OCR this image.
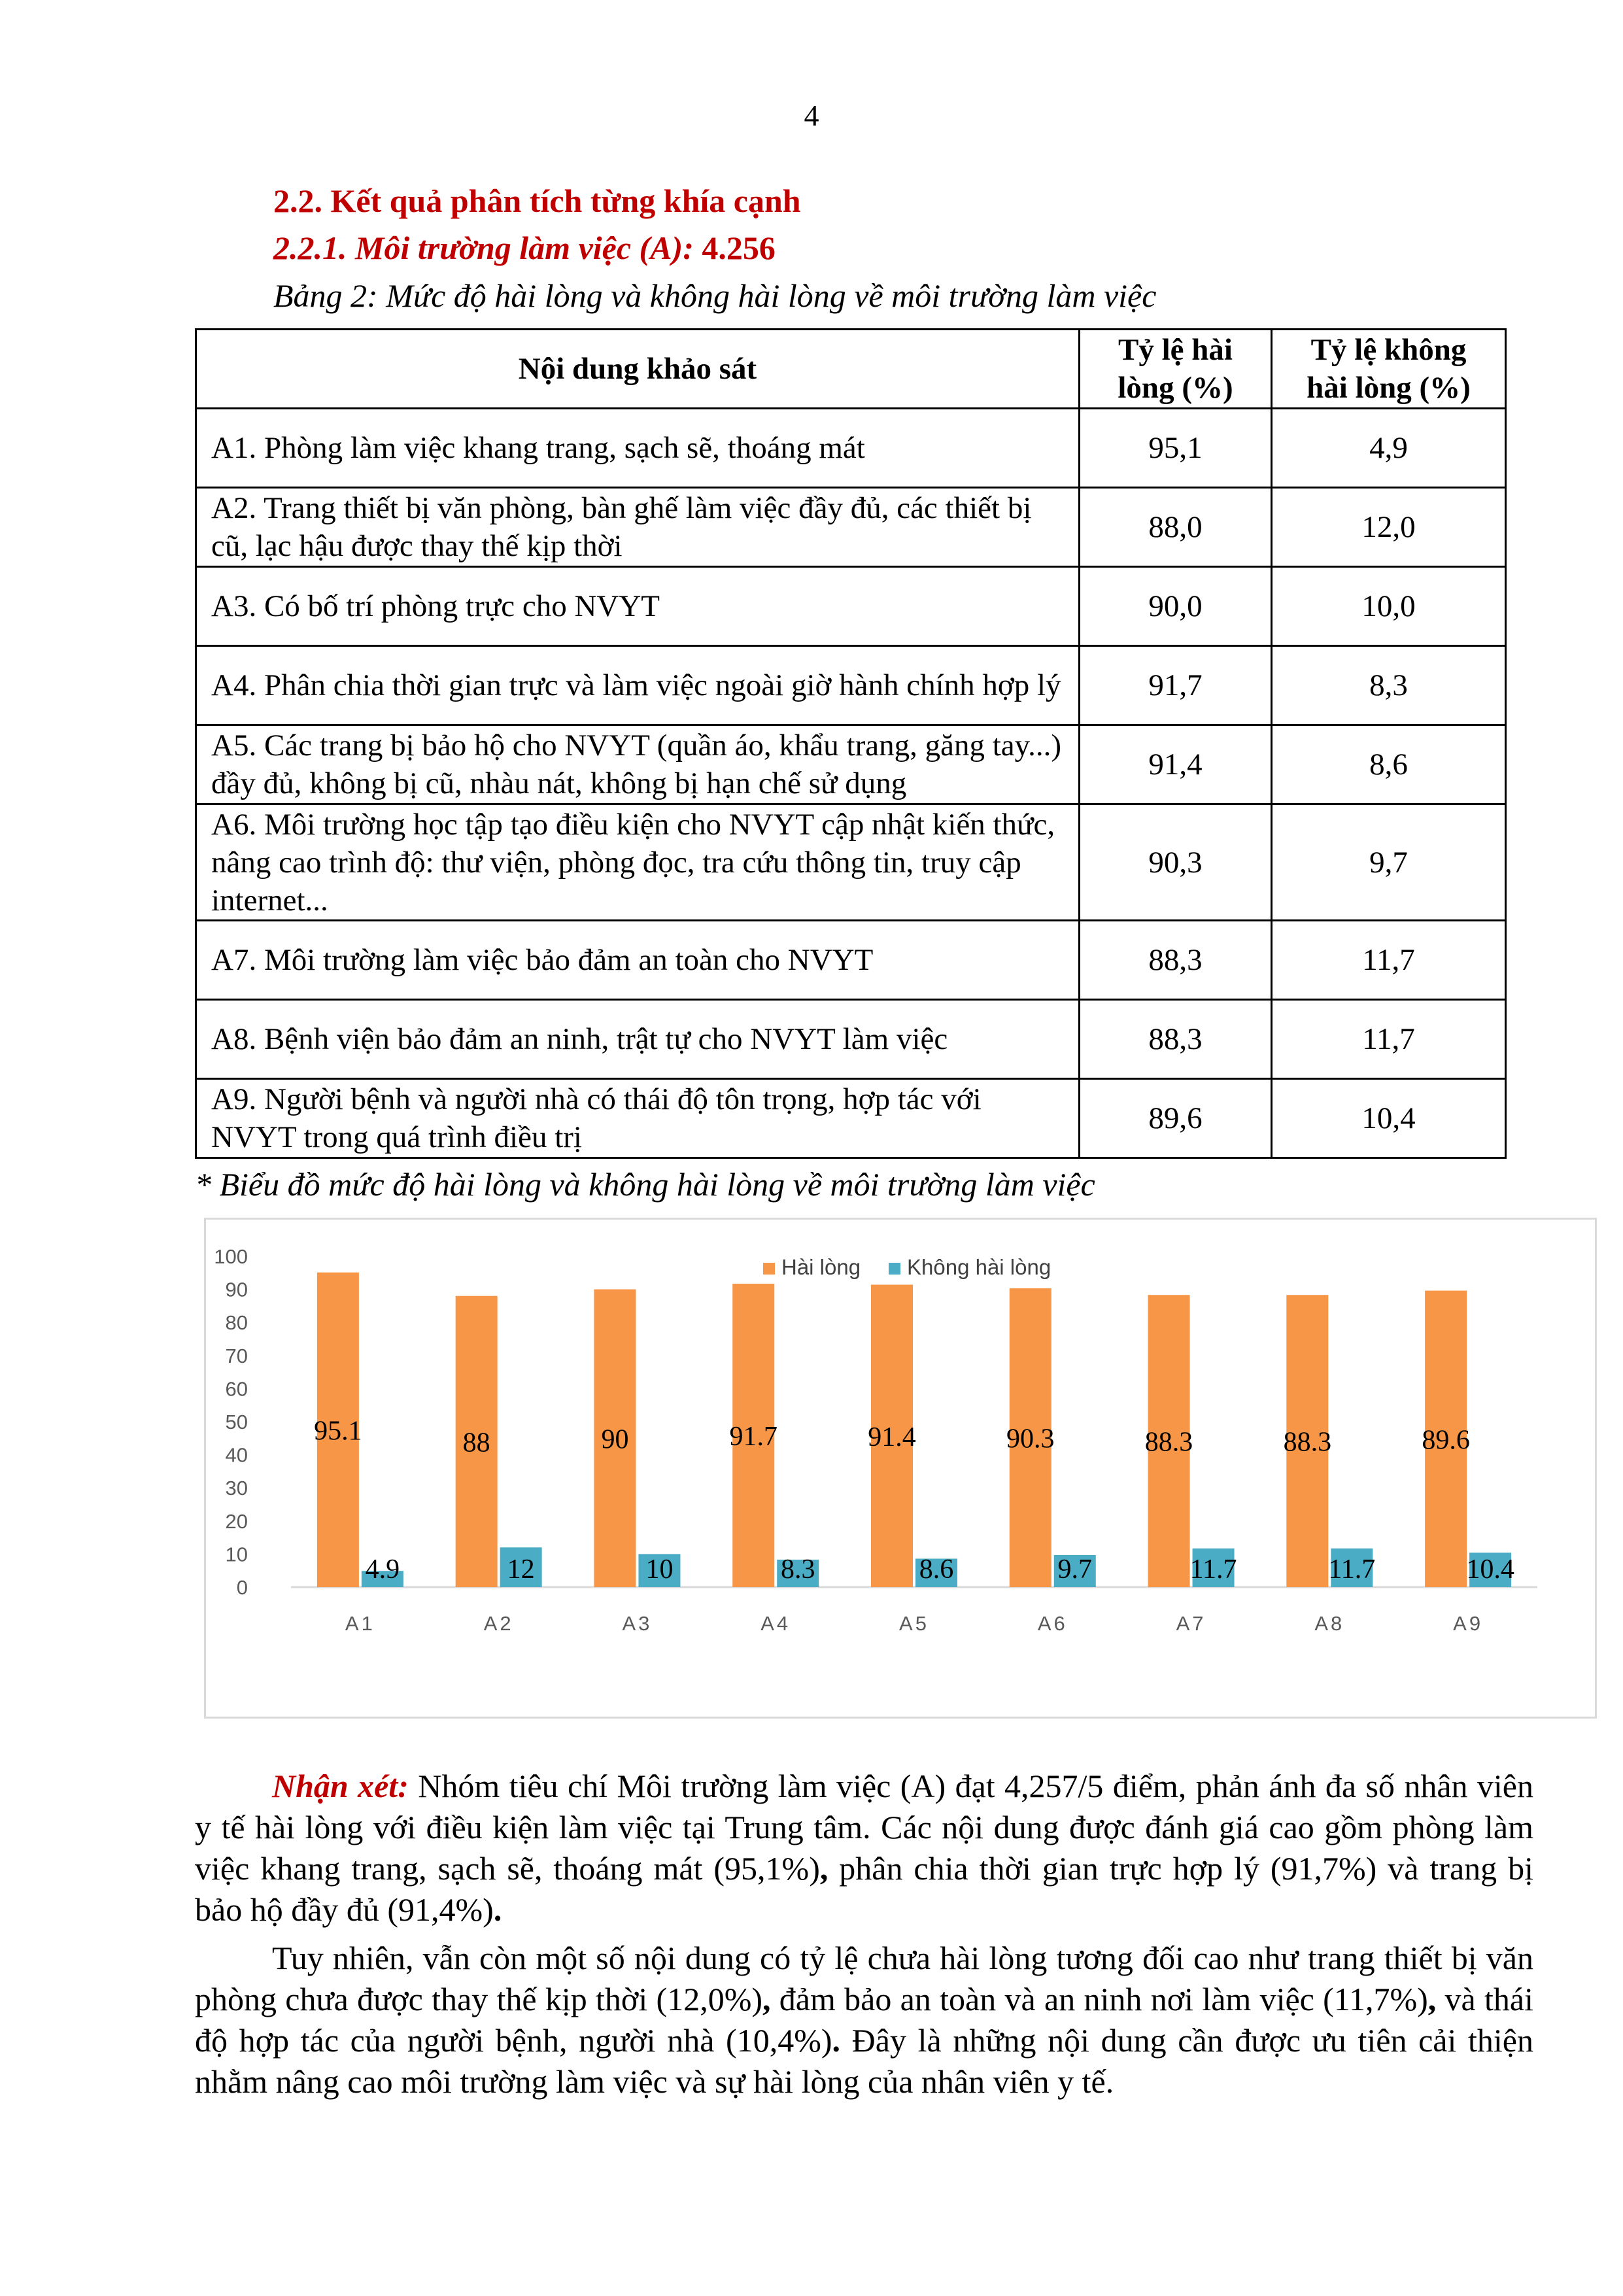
4
2.2. Kết quả phân tích từng khía cạnh
2.2.1. Môi trường làm việc (A): 4.256
Bảng 2: Mức độ hài lòng và không hài lòng về môi trường làm việc
Nội dung khảo sát	Tỷ lệ hài lòng (%)	Tỷ lệ không hài lòng (%)
A1. Phòng làm việc khang trang, sạch sẽ, thoáng mát	95,1	4,9
A2. Trang thiết bị văn phòng, bàn ghế làm việc đầy đủ, các thiết bị cũ, lạc hậu được thay thế kịp thời	88,0	12,0
A3. Có bố trí phòng trực cho NVYT	90,0	10,0
A4. Phân chia thời gian trực và làm việc ngoài giờ hành chính hợp lý	91,7	8,3
A5. Các trang bị bảo hộ cho NVYT (quần áo, khẩu trang, găng tay...) đầy đủ, không bị cũ, nhàu nát, không bị hạn chế sử dụng	91,4	8,6
A6. Môi trường học tập tạo điều kiện cho NVYT cập nhật kiến thức, nâng cao trình độ: thư viện, phòng đọc, tra cứu thông tin, truy cập internet...	90,3	9,7
A7. Môi trường làm việc bảo đảm an toàn cho NVYT	88,3	11,7
A8. Bệnh viện bảo đảm an ninh, trật tự cho NVYT làm việc	88,3	11,7
A9. Người bệnh và người nhà có thái độ tôn trọng, hợp tác với NVYT trong quá trình điều trị	89,6	10,4
* Biểu đồ mức độ hài lòng và không hài lòng về môi trường làm việc
0
10
20
30
40
50
60
70
80
90
100
95.1
4.9
A1
88
12
A2
90
10
A3
91.7
8.3
A4
91.4
8.6
A5
90.3
9.7
A6
88.3
11.7
A7
88.3
11.7
A8
89.6
10.4
A9
Hài lòng Không hài lòng

Nhận xét: Nhóm tiêu chí Môi trường làm việc (A) đạt 4,257/5 điểm, phản ánh đa số nhân viên y tế hài lòng với điều kiện làm việc tại Trung tâm. Các nội dung được đánh giá cao gồm phòng làm việc khang trang, sạch sẽ, thoáng mát (95,1%), phân chia thời gian trực hợp lý (91,7%) và trang bị bảo hộ đầy đủ (91,4%).

Tuy nhiên, vẫn còn một số nội dung có tỷ lệ chưa hài lòng tương đối cao như trang thiết bị văn phòng chưa được thay thế kịp thời (12,0%), đảm bảo an toàn và an ninh nơi làm việc (11,7%), và thái độ hợp tác của người bệnh, người nhà (10,4%). Đây là những nội dung cần được ưu tiên cải thiện nhằm nâng cao môi trường làm việc và sự hài lòng của nhân viên y tế.
